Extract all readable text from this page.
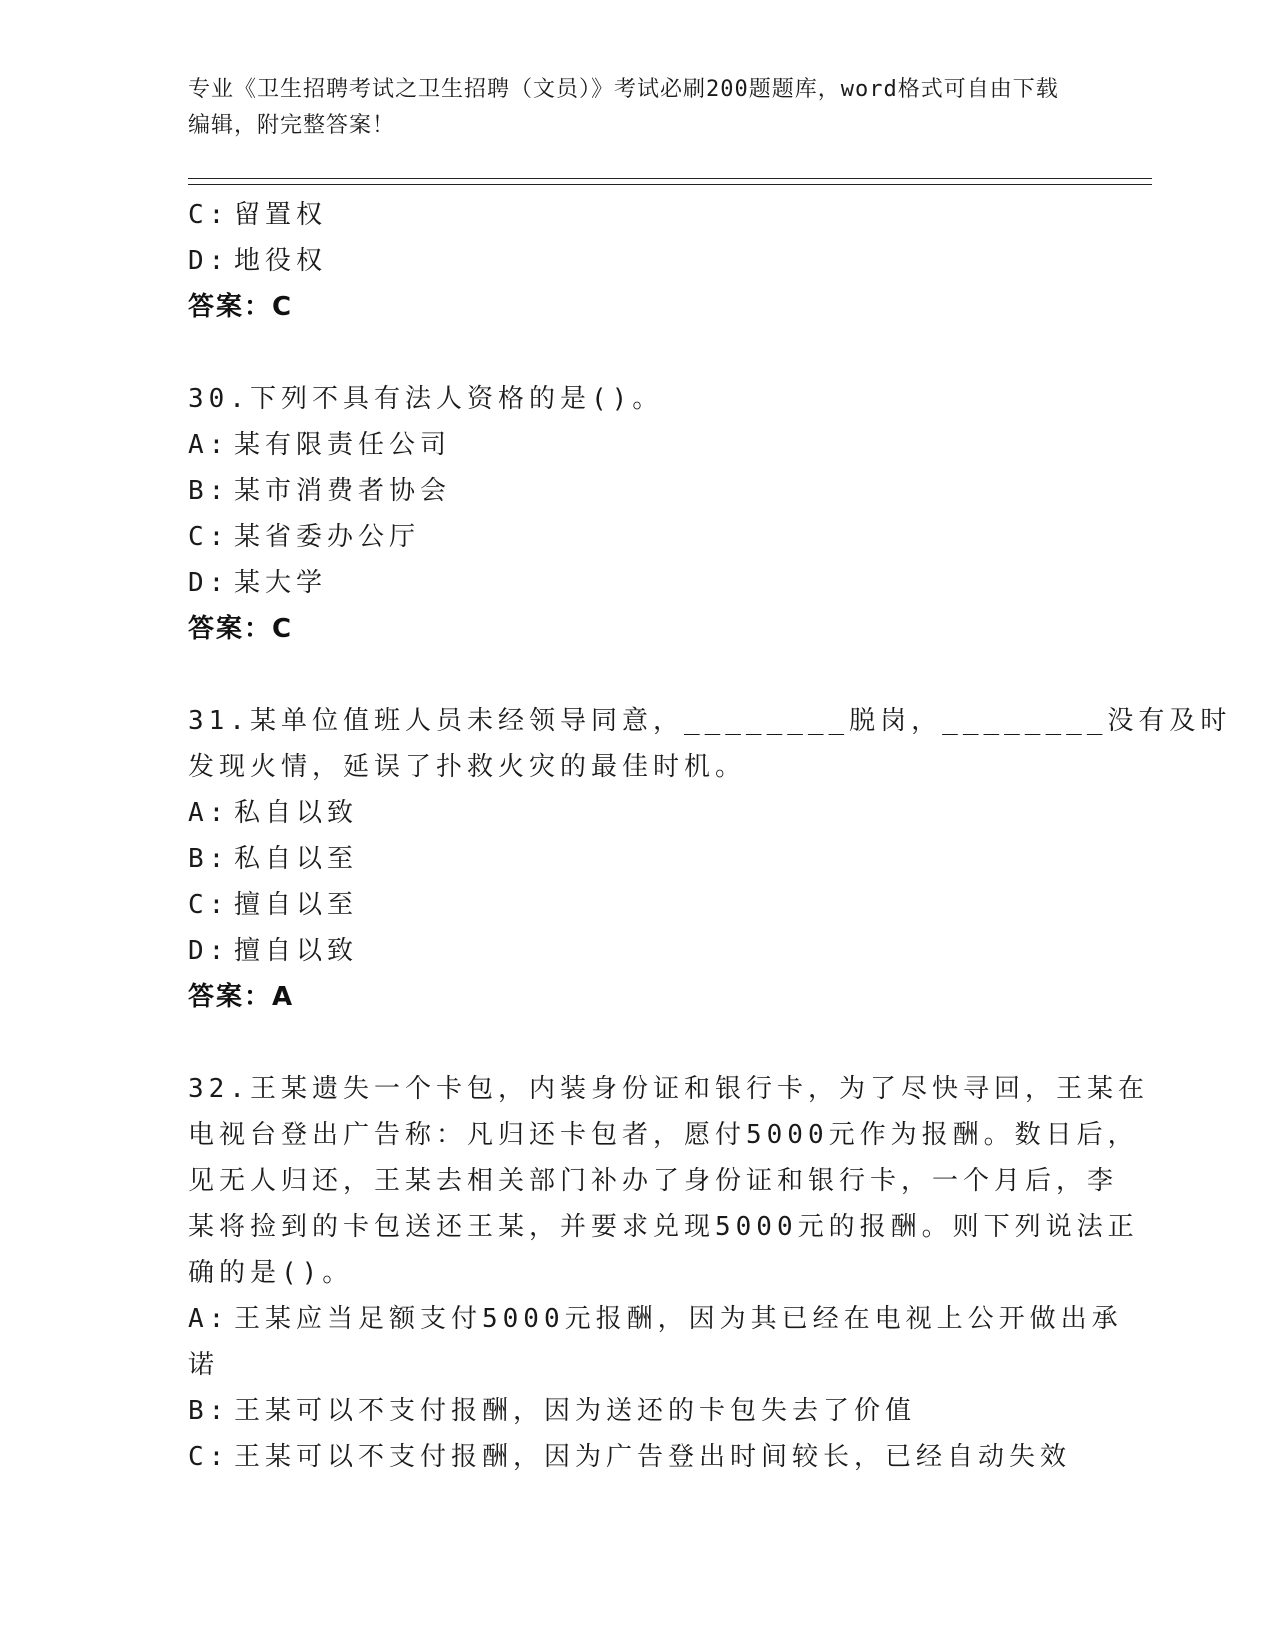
专业《卫生招聘考试之卫生招聘（文员）》考试必刷200题题库，word格式可自由下载编辑，附完整答案！
C: 留置权
D: 地役权
答案：C
30.下列不具有法人资格的是()。
A: 某有限责任公司
B: 某市消费者协会
C: 某省委办公厅
D: 某大学
答案：C
31.某单位值班人员未经领导同意，________脱岗，________没有及时
发现火情，延误了扑救火灾的最佳时机。
A: 私自以致
B: 私自以至
C: 擅自以至
D: 擅自以致
答案：A
32.王某遗失一个卡包，内装身份证和银行卡，为了尽快寻回，王某在
电视台登出广告称：凡归还卡包者，愿付5000元作为报酬。数日后，
见无人归还，王某去相关部门补办了身份证和银行卡，一个月后，李
某将捡到的卡包送还王某，并要求兑现5000元的报酬。则下列说法正
确的是()。
A: 王某应当足额支付5000元报酬，因为其已经在电视上公开做出承
诺
B: 王某可以不支付报酬，因为送还的卡包失去了价值
C: 王某可以不支付报酬，因为广告登出时间较长，已经自动失效
